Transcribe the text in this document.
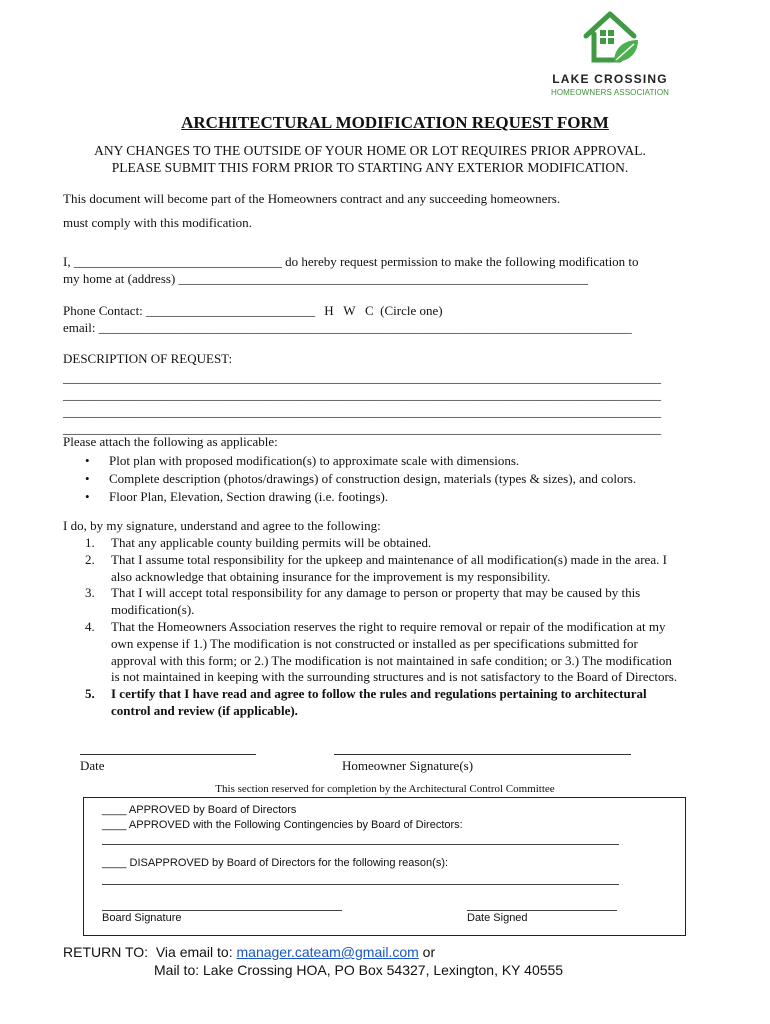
LAKE CROSSING
HOMEOWNERS ASSOCIATION
ARCHITECTURAL MODIFICATION REQUEST FORM
ANY CHANGES TO THE OUTSIDE OF YOUR HOME OR LOT REQUIRES PRIOR APPROVAL.
PLEASE SUBMIT THIS FORM PRIOR TO STARTING ANY EXTERIOR MODIFICATION.
This document will become part of the Homeowners contract and any succeeding homeowners.
must comply with this modification.
I, ________________________________ do hereby request permission to make the following modification to
my home at (address) _______________________________________________________________
Phone Contact: __________________________ H   W   C  (Circle one)
email: __________________________________________________________________________________
DESCRIPTION OF REQUEST:
____________________________________________________________________________________________
____________________________________________________________________________________________
____________________________________________________________________________________________
____________________________________________________________________________________________
Please attach the following as applicable:
• Plot plan with proposed modification(s) to approximate scale with dimensions.
• Complete description (photos/drawings) of construction design, materials (types & sizes), and colors.
• Floor Plan, Elevation, Section drawing (i.e. footings).
I do, by my signature, understand and agree to the following:
1. That any applicable county building permits will be obtained.
2. That I assume total responsibility for the upkeep and maintenance of all modification(s) made in the area. I also acknowledge that obtaining insurance for the improvement is my responsibility.
3. That I will accept total responsibility for any damage to person or property that may be caused by this modification(s).
4. That the Homeowners Association reserves the right to require removal or repair of the modification at my own expense if 1.) The modification is not constructed or installed as per specifications submitted for approval with this form; or 2.) The modification is not maintained in safe condition; or 3.) The modification is not maintained in keeping with the surrounding structures and is not satisfactory to the Board of Directors.
5. I certify that I have read and agree to follow the rules and regulations pertaining to architectural control and review (if applicable).
Date	Homeowner Signature(s)
This section reserved for completion by the Architectural Control Committee
____ APPROVED by Board of Directors
____ APPROVED with the Following Contingencies by Board of Directors:
____ DISAPPROVED by Board of Directors for the following reason(s):
Board Signature	Date Signed
RETURN TO:  Via email to: manager.cateam@gmail.com or
Mail to: Lake Crossing HOA, PO Box 54327, Lexington, KY 40555
